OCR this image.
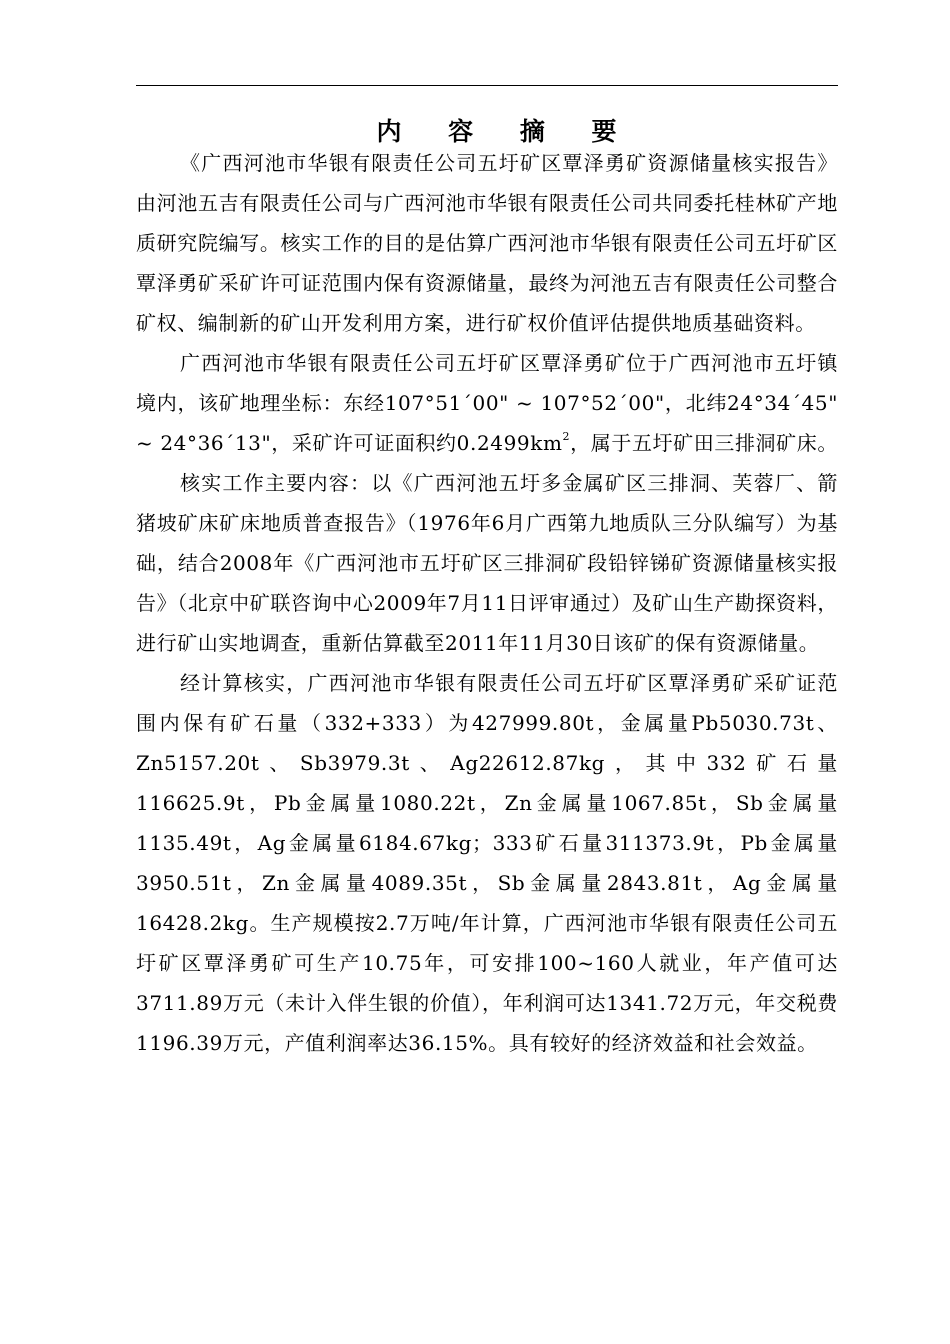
内 容 摘 要

《广西河池市华银有限责任公司五圩矿区覃泽勇矿资源储量核实报告》由河池五吉有限责任公司与广西河池市华银有限责任公司共同委托桂林矿产地质研究院编写。核实工作的目的是估算广西河池市华银有限责任公司五圩矿区覃泽勇矿采矿许可证范围内保有资源储量，最终为河池五吉有限责任公司整合矿权、编制新的矿山开发利用方案，进行矿权价值评估提供地质基础资料。

广西河池市华银有限责任公司五圩矿区覃泽勇矿位于广西河池市五圩镇境内，该矿地理坐标：东经107°51´00" ~ 107°52´00"，北纬24°34´45" ~ 24°36´13"，采矿许可证面积约$0.2499km^2$，属于五圩矿田三排洞矿床。

核实工作主要内容：以《广西河池五圩多金属矿区三排洞、芙蓉厂、箭猪坡矿床矿床地质普查报告》（1976年6月广西第九地质队三分队编写）为基础，结合2008年《广西河池市五圩矿区三排洞矿段铅锌锑矿资源储量核实报告》（北京中矿联咨询中心2009年7月11日评审通过）及矿山生产勘探资料，进行矿山实地调查，重新估算截至2011年11月30日该矿的保有资源储量。

经计算核实，广西河池市华银有限责任公司五圩矿区覃泽勇矿采矿证范围内保有矿石量（332+333）为427999.80t，金属量Pb5030.73t、Zn5157.20t、Sb3979.3t、Ag22612.87kg，其中332矿石量116625.9t，Pb金属量1080.22t，Zn金属量1067.85t，Sb金属量1135.49t，Ag金属量6184.67kg；333矿石量311373.9t，Pb金属量3950.51t，Zn金属量4089.35t，Sb金属量2843.81t，Ag金属量16428.2kg。生产规模按2.7万吨/年计算，广西河池市华银有限责任公司五圩矿区覃泽勇矿可生产10.75年，可安排100~160人就业，年产值可达3711.89万元（未计入伴生银的价值），年利润可达1341.72万元，年交税费1196.39万元，产值利润率达36.15%。具有较好的经济效益和社会效益。
